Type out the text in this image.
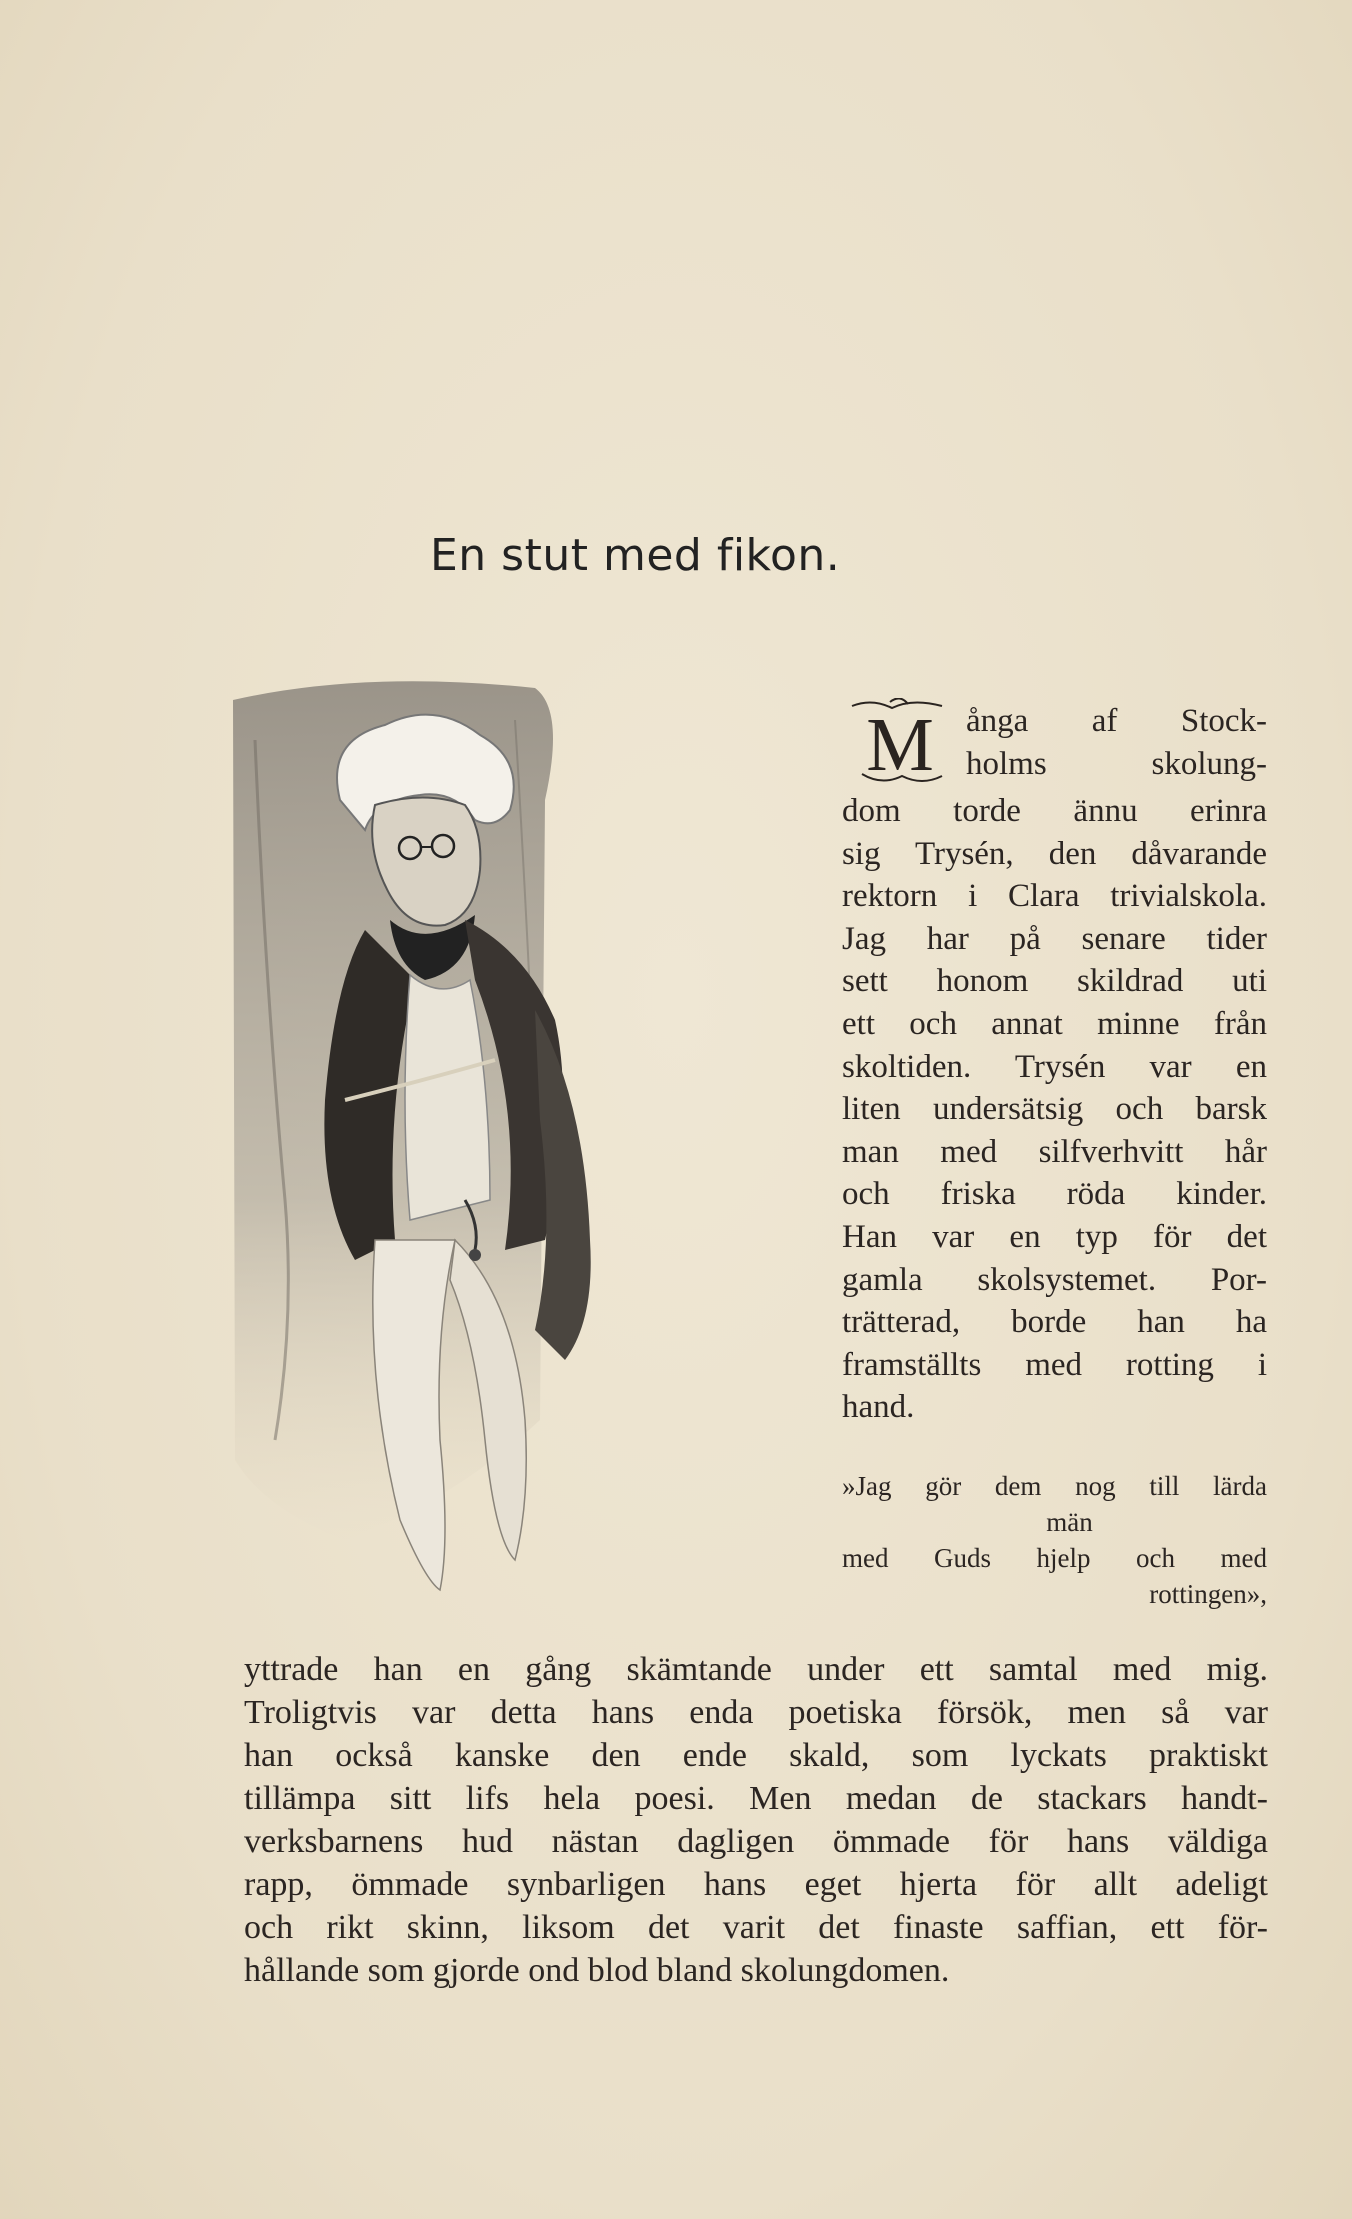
En stut med fikon.
M ånga af Stock-
holms skolung-
dom torde ännu erinra
sig Trysén, den dåvarande
rektorn i Clara trivialskola.
Jag har på senare tider
sett honom skildrad uti
ett och annat minne från
skoltiden. Trysén var en
liten undersätsig och barsk
man med silfverhvitt hår
och friska röda kinder.
Han var en typ för det
gamla skolsystemet. Por-
trätterad, borde han ha
framställts med rotting i
hand.
»Jag gör dem nog till lärda
män
med Guds hjelp och med
rottingen»,
yttrade han en gång skämtande under ett samtal med mig.
Troligtvis var detta hans enda poetiska försök, men så var
han också kanske den ende skald, som lyckats praktiskt
tillämpa sitt lifs hela poesi. Men medan de stackars handt-
verksbarnens hud nästan dagligen ömmade för hans väldiga
rapp, ömmade synbarligen hans eget hjerta för allt adeligt
och rikt skinn, liksom det varit det finaste saffian, ett för-
hållande som gjorde ond blod bland skolungdomen.
